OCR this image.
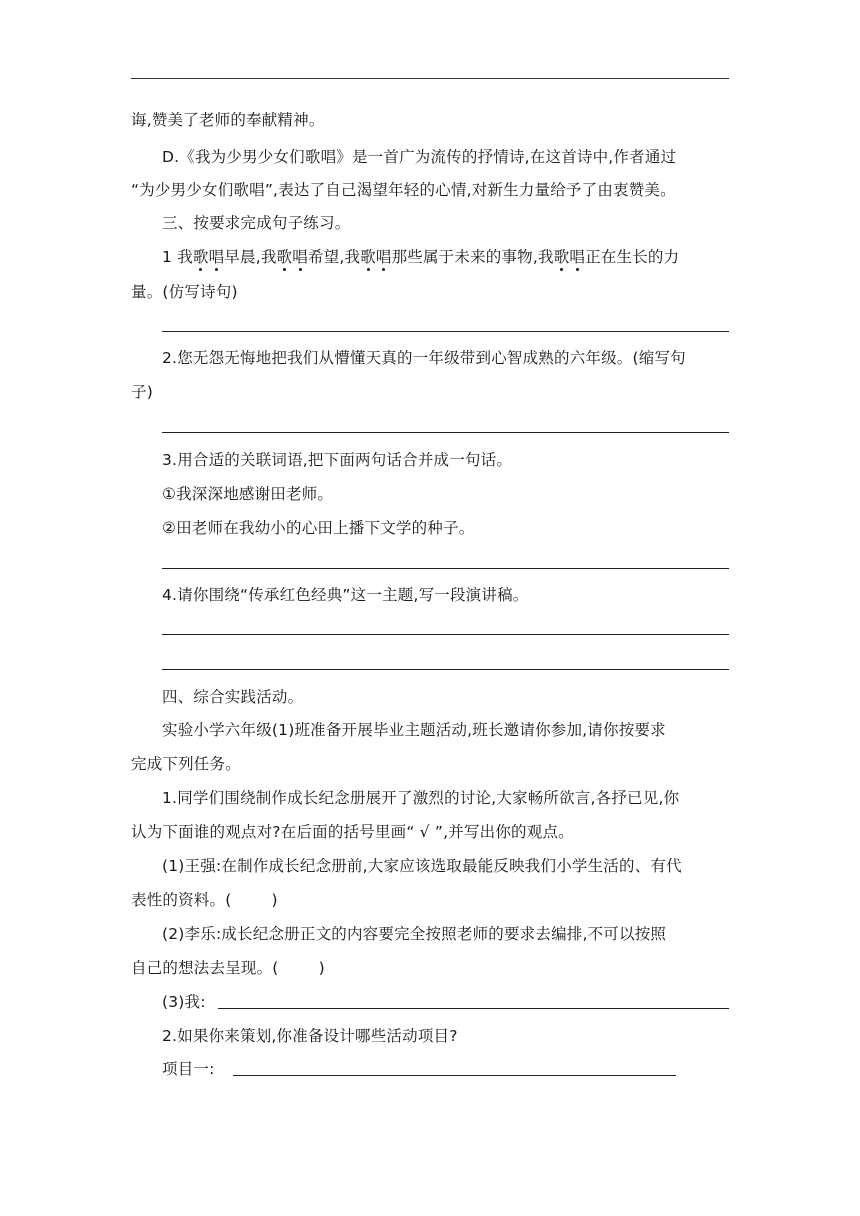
诲,赞美了老师的奉献精神。
D.《我为少男少女们歌唱》是一首广为流传的抒情诗,在这首诗中,作者通过
“为少男少女们歌唱”,表达了自己渴望年轻的心情,对新生力量给予了由衷赞美。
三、按要求完成句子练习。
1 我歌唱早晨,我歌唱希望,我歌唱那些属于未来的事物,我歌唱正在生长的力
量。(仿写诗句)
2.您无怨无悔地把我们从懵懂天真的一年级带到心智成熟的六年级。(缩写句
子)
3.用合适的关联词语,把下面两句话合并成一句话。
①我深深地感谢田老师。
②田老师在我幼小的心田上播下文学的种子。
4.请你围绕“传承红色经典”这一主题,写一段演讲稿。
四、综合实践活动。
实验小学六年级(1)班准备开展毕业主题活动,班长邀请你参加,请你按要求
完成下列任务。
1.同学们围绕制作成长纪念册展开了激烈的讨论,大家畅所欲言,各抒已见,你
认为下面谁的观点对?在后面的括号里画“ √ ”,并写出你的观点。
(1)王强:在制作成长纪念册前,大家应该选取最能反映我们小学生活的、有代
表性的资料。(	)
(2)李乐:成长纪念册正文的内容要完全按照老师的要求去编排,不可以按照
自己的想法去呈现。(	)
(3)我:
2.如果你来策划,你准备设计哪些活动项目?
项目一:
